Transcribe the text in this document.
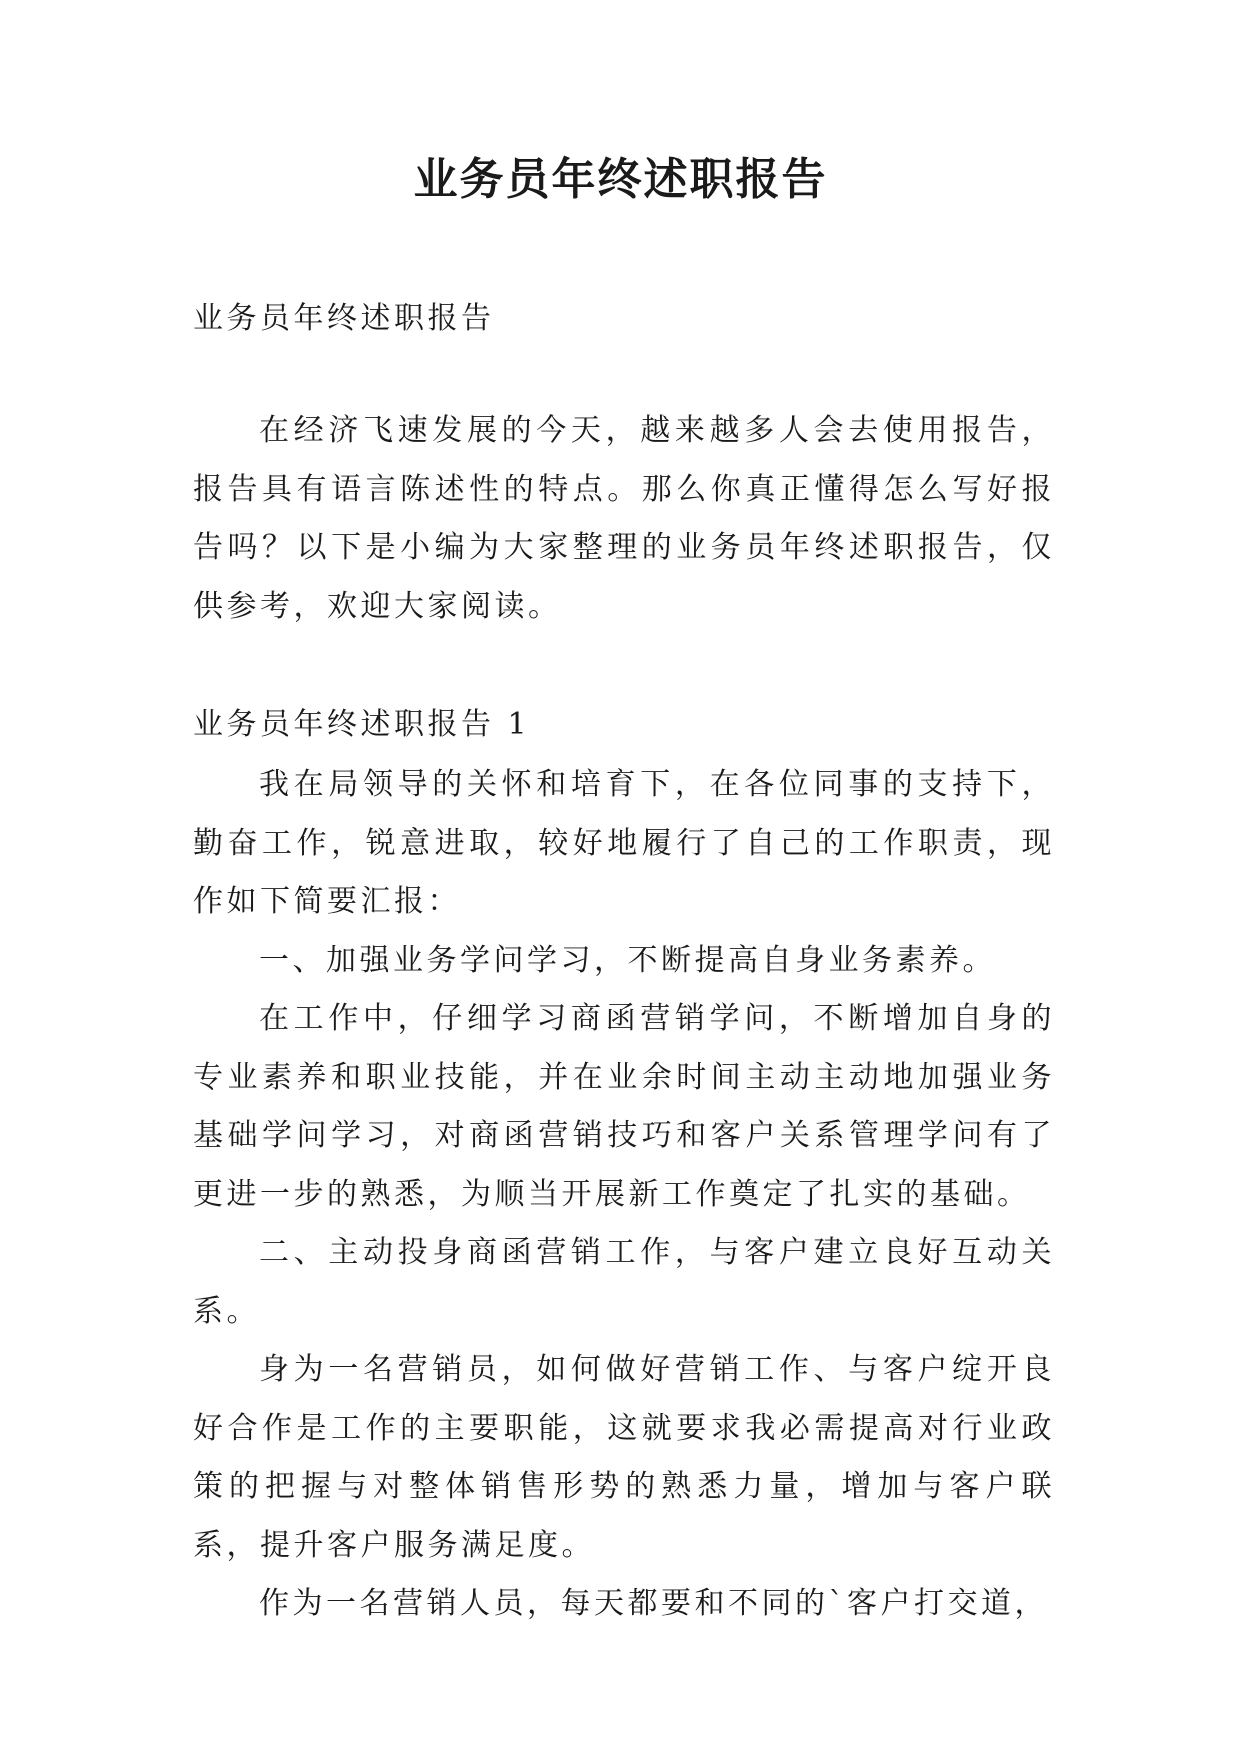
业务员年终述职报告

业务员年终述职报告

在经济飞速发展的今天，越来越多人会去使用报告，报告具有语言陈述性的特点。那么你真正懂得怎么写好报告吗？以下是小编为大家整理的业务员年终述职报告，仅供参考，欢迎大家阅读。

业务员年终述职报告 1

我在局领导的关怀和培育下，在各位同事的支持下，勤奋工作，锐意进取，较好地履行了自己的工作职责，现作如下简要汇报：

一、加强业务学问学习，不断提高自身业务素养。

在工作中，仔细学习商函营销学问，不断增加自身的专业素养和职业技能，并在业余时间主动主动地加强业务基础学问学习，对商函营销技巧和客户关系管理学问有了更进一步的熟悉，为顺当开展新工作奠定了扎实的基础。

二、主动投身商函营销工作，与客户建立良好互动关系。

身为一名营销员，如何做好营销工作、与客户绽开良好合作是工作的主要职能，这就要求我必需提高对行业政策的把握与对整体销售形势的熟悉力量，增加与客户联系，提升客户服务满足度。

作为一名营销人员，每天都要和不同的`客户打交道，
